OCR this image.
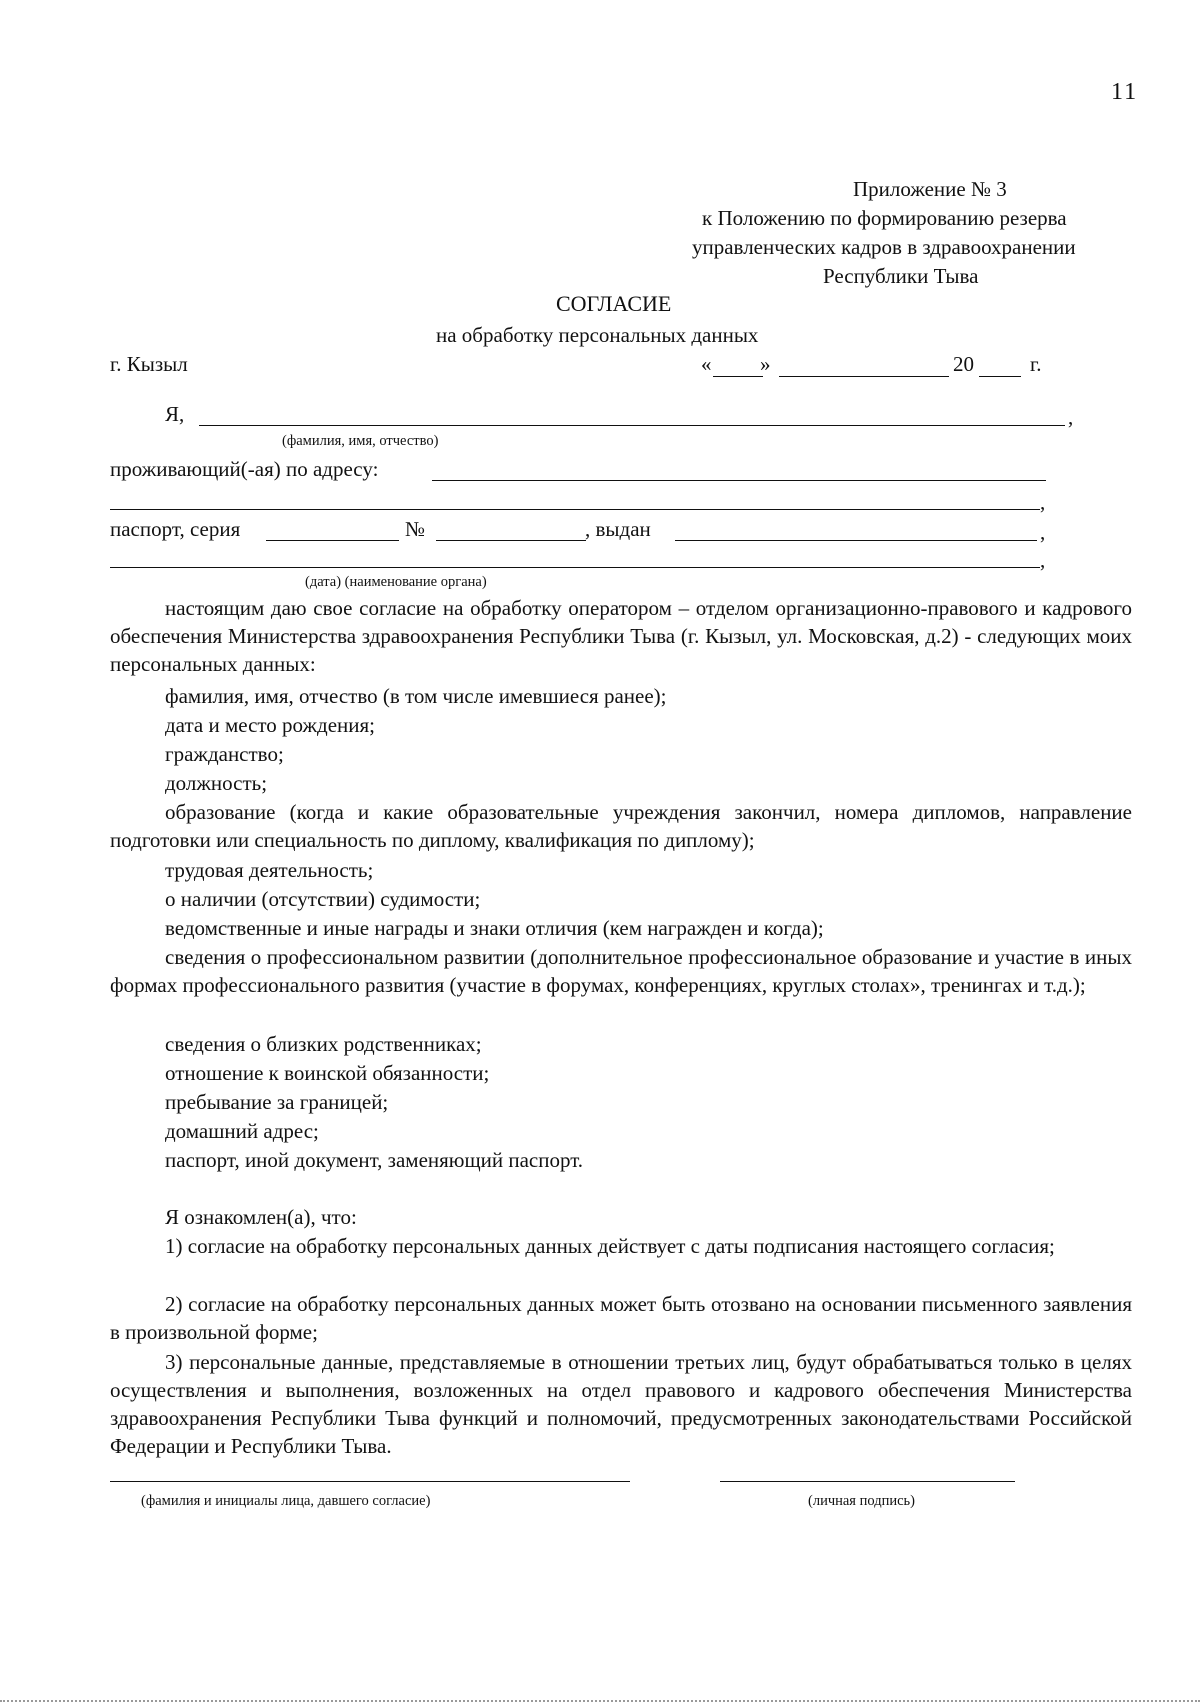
11
Приложение № 3
к Положению по формированию резерва
управленческих кадров в здравоохранении
Республики Тыва
СОГЛАСИЕ
на обработку персональных данных
г. Кызыл	« »	20	г.
Я,	,
(фамилия, имя, отчество)
проживающий(-ая) по адресу:
,
паспорт, серия	№	, выдан	,
,
(дата) (наименование органа)
настоящим даю свое согласие на обработку оператором – отделом организационно-правового и кадрового обеспечения Министерства здравоохранения Республики Тыва (г. Кызыл, ул. Московская, д.2) - следующих моих персональных данных:
фамилия, имя, отчество (в том числе имевшиеся ранее);
дата и место рождения;
гражданство;
должность;
образование (когда и какие образовательные учреждения закончил, номера дипломов, направление подготовки или специальность по диплому, квалификация по диплому);
трудовая деятельность;
о наличии (отсутствии) судимости;
ведомственные и иные награды и знаки отличия (кем награжден и когда);
сведения о профессиональном развитии (дополнительное профессиональное образование и участие в иных формах профессионального развития (участие в форумах, конференциях, круглых столах», тренингах и т.д.);
сведения о близких родственниках;
отношение к воинской обязанности;
пребывание за границей;
домашний адрес;
паспорт, иной документ, заменяющий паспорт.
Я ознакомлен(а), что:
1) согласие на обработку персональных данных действует с даты подписания настоящего согласия;
2) согласие на обработку персональных данных может быть отозвано на основании письменного заявления в произвольной форме;
3) персональные данные, представляемые в отношении третьих лиц, будут обрабатываться только в целях осуществления и выполнения, возложенных на отдел правового и кадрового обеспечения Министерства здравоохранения Республики Тыва функций и полномочий, предусмотренных законодательствами Российской Федерации и Республики Тыва.
(фамилия и инициалы лица, давшего согласие)	(личная подпись)
